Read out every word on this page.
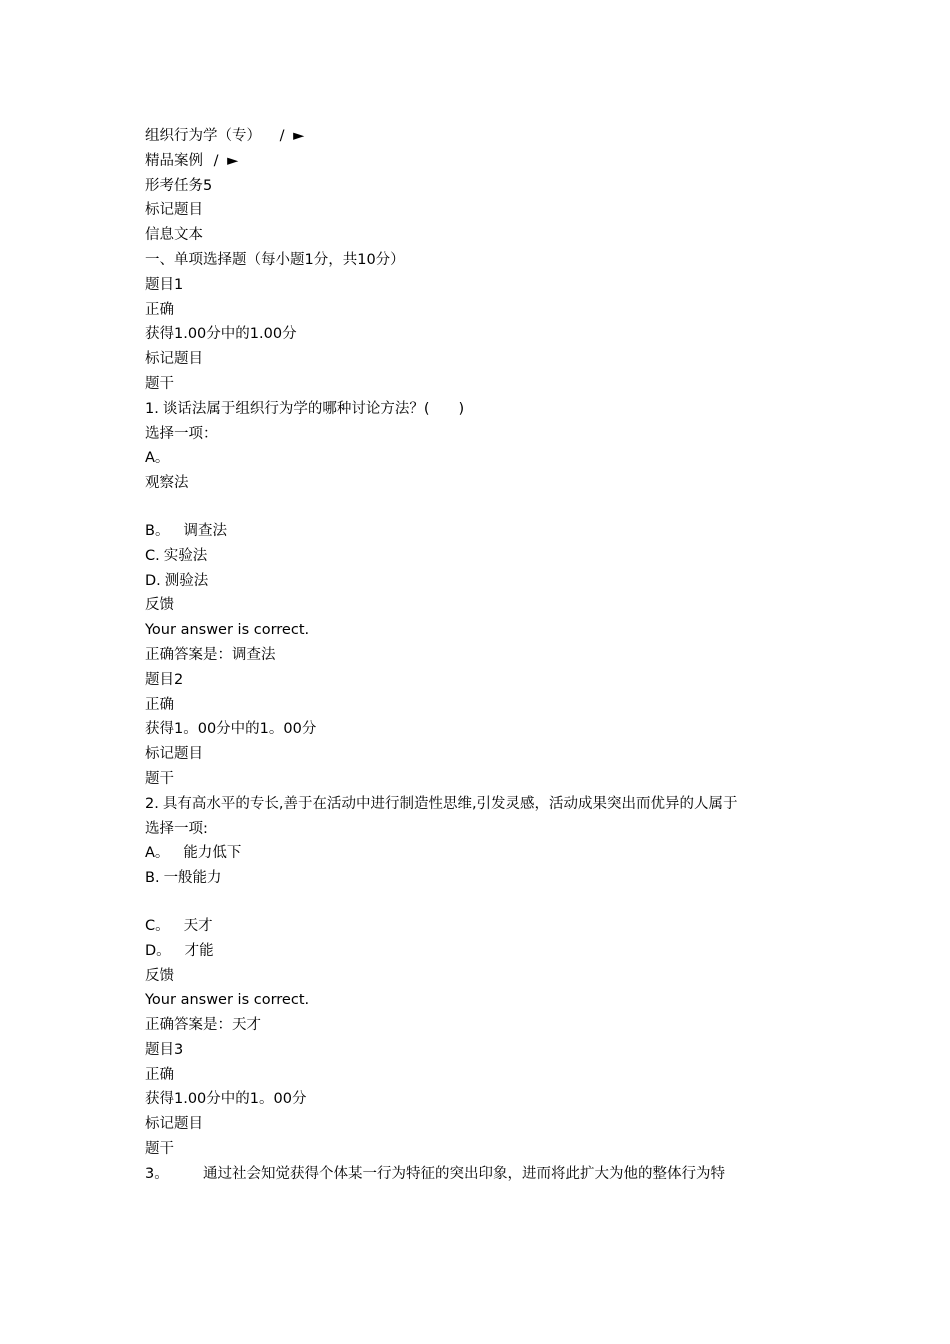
组织行为学（专） / ►
精品案例 / ►
形考任务5
标记题目
信息文本
一、单项选择题（每小题1分，共10分）
题目1
正确
获得1.00分中的1.00分
标记题目
题干
1. 谈话法属于组织行为学的哪种讨论方法？(　　)
选择一项：
A。
观察法
B。 调查法
C. 实验法
D. 测验法
反馈
Your answer is correct.
正确答案是：调查法
题目2
正确
获得1。00分中的1。00分
标记题目
题干
2. 具有高水平的专长,善于在活动中进行制造性思维,引发灵感，活动成果突出而优异的人属于
选择一项:
A。 能力低下
B. 一般能力
C。 天才
D。 才能
反馈
Your answer is correct.
正确答案是：天才
题目3
正确
获得1.00分中的1。00分
标记题目
题干
3。 通过社会知觉获得个体某一行为特征的突出印象，进而将此扩大为他的整体行为特
